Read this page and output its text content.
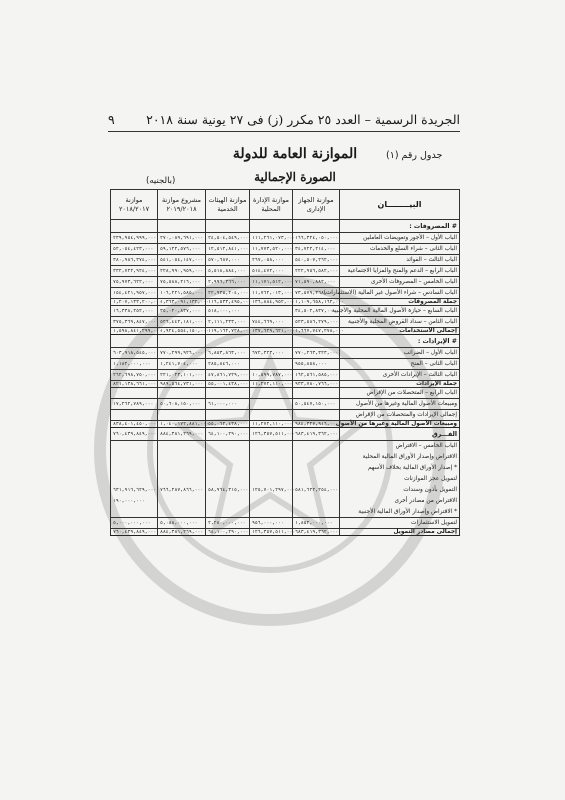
الجريدة الرسمية – العدد ٢٥ مكرر (ز) فى ٢٧ يونية سنة ٢٠١٨
٩
الموازنة العامة للدولة
الصورة الإجمالية
جدول رقم (١)
(بالجنيه)
البيــــــــان	موازنة الجهاز الإدارى	موازنة الإدارة المحلية	موازنة الهيئات الخدمية	مشروع موازنة ٢٠١٩/٢٠١٨	موازنة ٢٠١٨/٢٠١٧
# المصروفات :					
الباب الأول – الأجور وتعويضات العاملين	١٦٦,٣٢٤,٠٥٠,٠٠٠	١١١,٢٦١,٠٧٣,٠٠٠	٢٤,٥٠٤,٥٤٩,٠٠٠	٢٧٠,٠٨٩,٦٩١,٠٠٠	٢٣٩,٩٥٤,٩٩٩,٠٠٠
الباب الثانى – شراء السلع والخدمات	٣٤,٧٢٢,٢١٤,٠٠٠	١١,٧٧٣,٥٢٠,٠٠٠	١٢,٥١٢,٨٤١,٠٠٠	٥٩,١٢٢,٥٧٦,٠٠٠	٥٢,٠٥٤,٤٢٣,٠٠٠
الباب الثالث – الفوائد	٥٤٠,٥٠٧,٢٦٢,٠٠٠	٢٦٧,٠٥٨,٠٠٠	٥٧٠,٦٨٧,٠٠٠	٥٤١,٠٥٤,١٤٧,٠٠٠	٣٨٠,٩٨٦,٣٧٤,٠٠٠
الباب الرابع – الدعم والمنح والمزايا الاجتماعية	٢٢٢,٩٥٦,٥٨٢,٠٠٠	٥١٤,٤٧٢,٠٠٠	٥,٥١٨,٨٨٤,٠٠٠	٢٢٨,٩٩٠,٩٥٩,٠٠٠	٣٣٢,٧٢٢,٩٢٤,٠٠٠
الباب الخامس – المصروفات الأخرى	٧١,٥٩٠,٨٨٢,٠٠٠	١١,١٧١,٥١٢,٠٠٠	٢,٩٩٦,٣٦٦,٠٠٠	٧٥,٥٨٨,٢١٦,٠٠٠	٧٥,٩٧٣,٦٢٢,٠٠٠
الباب السادس – شراء الأصول غير المالية (الاستثمارات)	٧٣,٥٧٩,٣٦٨,٠٠٠	١١,٧٦٢,٠١٣,٠٠٠	٢٢,٩٣٥,٢٠٤,٠٠٠	١٠٦,٢٢١,٥٨٥,٠٠٠	١٥٤,٤٢١,٩٥٧,٠٠٠
جملة المصروفات	١,١٠٩,٦٥٨,١٦٢,٠٠٠	١٣٦,٨٨٤,٩٥٢,٠٠٠	١١٦,٥٣٣,٤٩٥,٠٠٠	١,٣٦٣,٠٩١,١٣٢,٠٠٠	١,٢٠٧,١٣٣,٢٠٠,٠٠٠
الباب السابع – حيازة الأصول المالية المحلية والأجنبية	٣٤,٥٠٢,٨٣٧,٠٠٠		٥١٨,٠٠٠,٠٠٠	٣٥,٠٢٠,٨٣٧,٠٠٠	١٦,٣٣٨,٢٥٢,٠٠٠
الباب الثامن – سداد القروض المحلية والأجنبية	٥٢٣,٥٨٦,٢٧٩,٠٠٠	٧٤٤,٦٦٩,٠٠٠	٢,١١١,٢٣٣,٠٠٠	٥٢٦,٤٤٢,١٨١,٠٠٠	٣٧٥,٣٦٩,٨٤٧,٠٠٠
إجمالى الاستخدامات	١,٦٦٧,٧٤٧,٢٧٨,٠٠٠	١٣٧,٦٢٩,٦٢١,٠٠٠	١١٩,١٦٢,٧٢٨,٠٠٠	١,٩٢٤,٥٥٤,١٥٠,٠٠٠	١,٥٩٨,٨٤١,٢٩٩,٠٠٠
# الإيرادات :					
الباب الأول – الضرائب	٧٧٠,٢٦٣,٣٢٣,٠٠٠	٦٧٢,٣٢٣,٠٠٠	٦,٨٥٣,٨٦٣,٠٠٠	٧٧٠,٢٩٩,٩٢٦,٠٠٠	٦٠٣,٩١٨,٥٤٥,٠٠٠
الباب الثانى – المنح	٩٥٥,٨٥٨,٠٠٠		٢٨٥,٨٤٦,٠٠٠	١,٢٤١,٧٠٤,٠٠٠	١,١٨٢,٠٠٠,٠٠٠
الباب الثالث – الإيرادات الأخرى	١٦٢,٥٦١,٥٨٥,٠٠٠	١٠,٥٩٩,٧٨٧,٠٠٠	٤٧,٨٦١,٧٢٩,٠٠٠	٢٢١,٠٢٣,١٠١,٠٠٠	٢٦٢,٦٩٨,٧٥٠,٠٠٠
جملة الإيرادات	٩٣٣,٧٨٠,٧٦٦,٠٠٠	١١,٢٧٢,١١٠,٠٠٠	٥٥,٠٠١,٤٣٨,٠٠٠	٩٨٩,٥٦٤,٧٣١,٠٠٠	٨٢١,١٣٨,٦٦١,٠٠٠
الباب الرابع – المتحصلات من الإقراض					
ومبيعات الأصول المالية وغيرها من الأصول	٥٠,٥٤٧,١٥٠,٠٠٠		٦١,٠٠٠,٠٠٠	٥٠,٦٠٨,١٥٠,٠٠٠	١٧,٢٦٢,٧٨٩,٠٠٠
إجمالى الإيرادات والمتحصلات من الإقراض					
ومبيعات الأصول المالية وغيرها من الأصول	٩٨٤,٣٢٧,٩١٦,٠٠٠	١١,٢٧٢,١١٠,٠٠٠	٥٥,٠٦٢,٤٣٨,٠٠٠	١,٠٤٠,١٧٢,٨٨١,٠٠٠	٨٣٨,٤٠١,٤٥٠,٠٠٠
الفـــرق	٦٨٣,٤١٩,٣٦٢,٠٠٠	١٢٦,٣٥٧,٥١١,٠٠٠	٦٤,١٠٠,٢٩٠,٠٠٠	٨٨٤,٣٨١,٢٦٩,٠٠٠	٧٦٠,٤٣٩,٨٤٩,٠٠٠
الباب الخامس – الاقتراض					
الاقتراض وإصدار الأوراق المالية المحلية					
* إصدار الأوراق المالية بخلاف الأسهم					
لتمويل عجز الموازنات					
التمويل بأذون وسندات	٥٨١,٦٢٢,٢٥٤,٠٠٠	١٢٥,٧٠١,٢٩٧,٠٠٠	٥٨,٩٦٤,٣١٥,٠٠٠	٧٦٦,٢٨٧,٨٦٦,٠٠٠	٦٣١,٩١٦,٦٢٩,٠٠٠
الاقتراض من مصادر أخرى					١٩٠,٠٠٠,٠٠٠
* الاقتراض وإصدار الأوراق المالية الأجنبية					
لتمويل الاستثمارات	١,٨٥٢,٠٠٠,٠٠٠	٩٥٦,٠٠٠,٠٠٠	٢,٢٨٠,٠٠٠,٠٠٠	٥,٠٨٨,٠٠٠,٠٠٠	٥,٠٠٠,٠٠٠,٠٠٠
إجمالى مصادر التمويل	٦٨٣,٤١٩,٣٦٢,٠٠٠	١٢٦,٣٥٧,٥١١,٠٠٠	٦٤,١٠٠,٢٩٠,٠٠٠	٨٨٤,٣٨١,٢٦٩,٠٠٠	٧٦٠,٤٣٩,٨٤٩,٠٠٠
